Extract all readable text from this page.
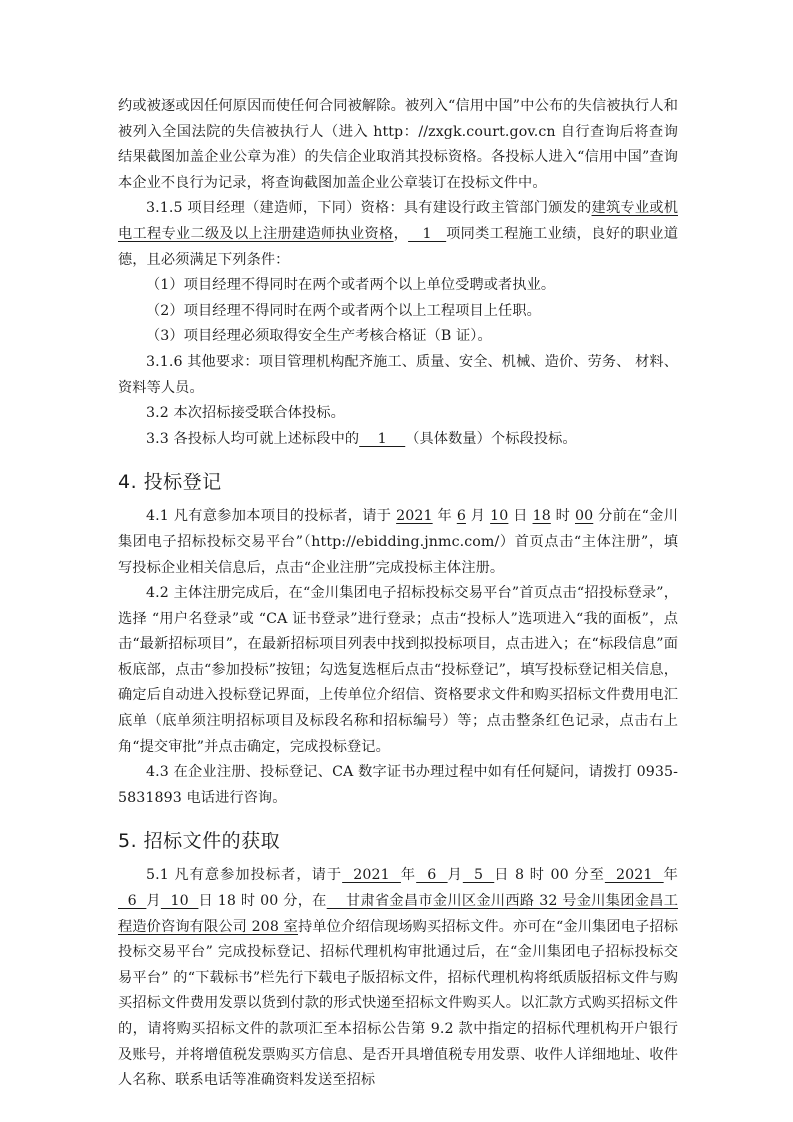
约或被逐或因任何原因而使任何合同被解除。被列入“信用中国”中公布的失信被执行人和被列入全国法院的失信被执行人（进入 http：//zxgk.court.gov.cn 自行查询后将查询结果截图加盖企业公章为准）的失信企业取消其投标资格。各投标人进入“信用中国”查询本企业不良行为记录，将查询截图加盖企业公章装订在投标文件中。

3.1.5 项目经理（建造师，下同）资格：具有建设行政主管部门颁发的建筑专业或机电工程专业二级及以上注册建造师执业资格，   1   项同类工程施工业绩，良好的职业道德，且必须满足下列条件：

（1）项目经理不得同时在两个或者两个以上单位受聘或者执业。

（2）项目经理不得同时在两个或者两个以上工程项目上任职。

（3）项目经理必须取得安全生产考核合格证（B 证）。

3.1.6 其他要求：项目管理机构配齐施工、质量、安全、机械、造价、劳务、 材料、资料等人员。

3.2 本次招标接受联合体投标。

3.3 各投标人均可就上述标段中的    1    （具体数量）个标段投标。

4. 投标登记

4.1 凡有意参加本项目的投标者，请于 2021 年 6 月 10 日 18 时 00 分前在“金川集团电子招标投标交易平台”（http://ebidding.jnmc.com/）首页点击“主体注册”，填写投标企业相关信息后，点击“企业注册”完成投标主体注册。

4.2 主体注册完成后，在“金川集团电子招标投标交易平台”首页点击“招投标登录”，选择 “用户名登录”或 “CA 证书登录”进行登录；点击“投标人”选项进入“我的面板”，点击“最新招标项目”，在最新招标项目列表中找到拟投标项目，点击进入；在“标段信息”面板底部，点击“参加投标”按钮；勾选复选框后点击“投标登记”，填写投标登记相关信息，确定后自动进入投标登记界面，上传单位介绍信、资格要求文件和购买招标文件费用电汇底单（底单须注明招标项目及标段名称和招标编号）等；点击整条红色记录，点击右上角“提交审批”并点击确定，完成投标登记。

4.3 在企业注册、投标登记、CA 数字证书办理过程中如有任何疑问，请拨打 0935-5831893 电话进行咨询。

5. 招标文件的获取

5.1 凡有意参加投标者，请于  2021  年  6  月  5  日 8 时 00 分至  2021  年  6  月  10  日 18 时 00 分，在    甘肃省金昌市金川区金川西路 32 号金川集团金昌工程造价咨询有限公司 208 室持单位介绍信现场购买招标文件。亦可在“金川集团电子招标投标交易平台” 完成投标登记、招标代理机构审批通过后，在“金川集团电子招标投标交易平台” 的“下载标书”栏先行下载电子版招标文件，招标代理机构将纸质版招标文件与购买招标文件费用发票以货到付款的形式快递至招标文件购买人。以汇款方式购买招标文件的，请将购买招标文件的款项汇至本招标公告第 9.2 款中指定的招标代理机构开户银行及账号，并将增值税发票购买方信息、是否开具增值税专用发票、收件人详细地址、收件人名称、联系电话等准确资料发送至招标
